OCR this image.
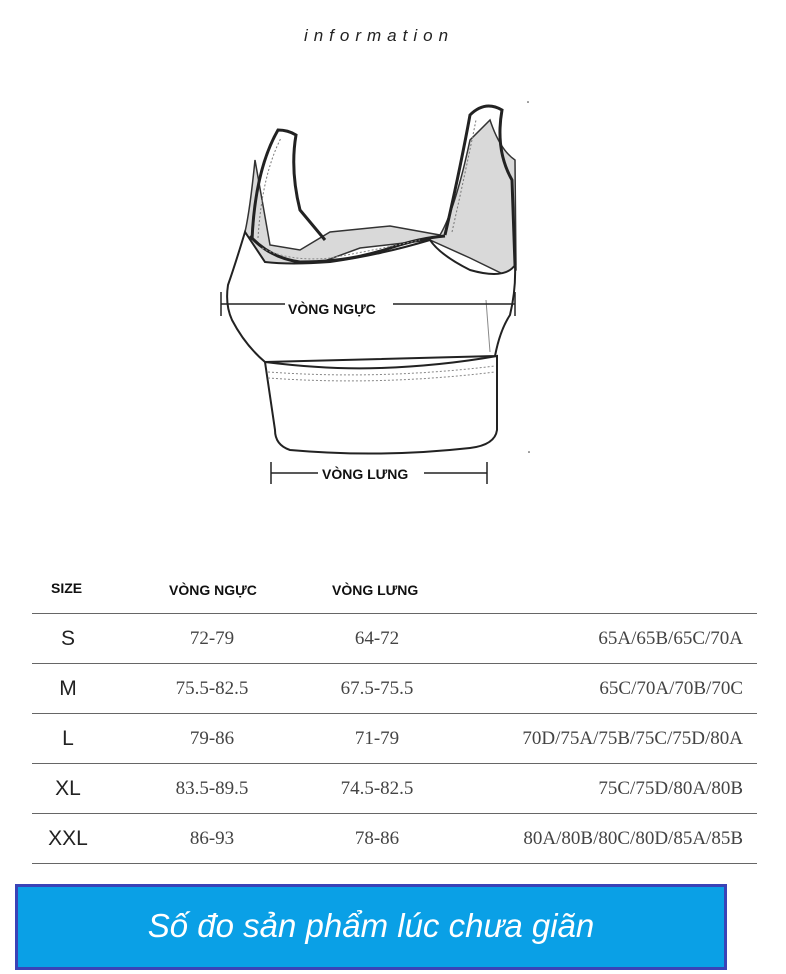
information
VÒNG NGỰC
VÒNG LƯNG
SIZE	VÒNG NGỰC	VÒNG LƯNG
S	72-79	64-72	65A/65B/65C/70A
M	75.5-82.5	67.5-75.5	65C/70A/70B/70C
L	79-86	71-79	70D/75A/75B/75C/75D/80A
XL	83.5-89.5	74.5-82.5	75C/75D/80A/80B
XXL	86-93	78-86	80A/80B/80C/80D/85A/85B
Số đo sản phẩm lúc chưa giãn
